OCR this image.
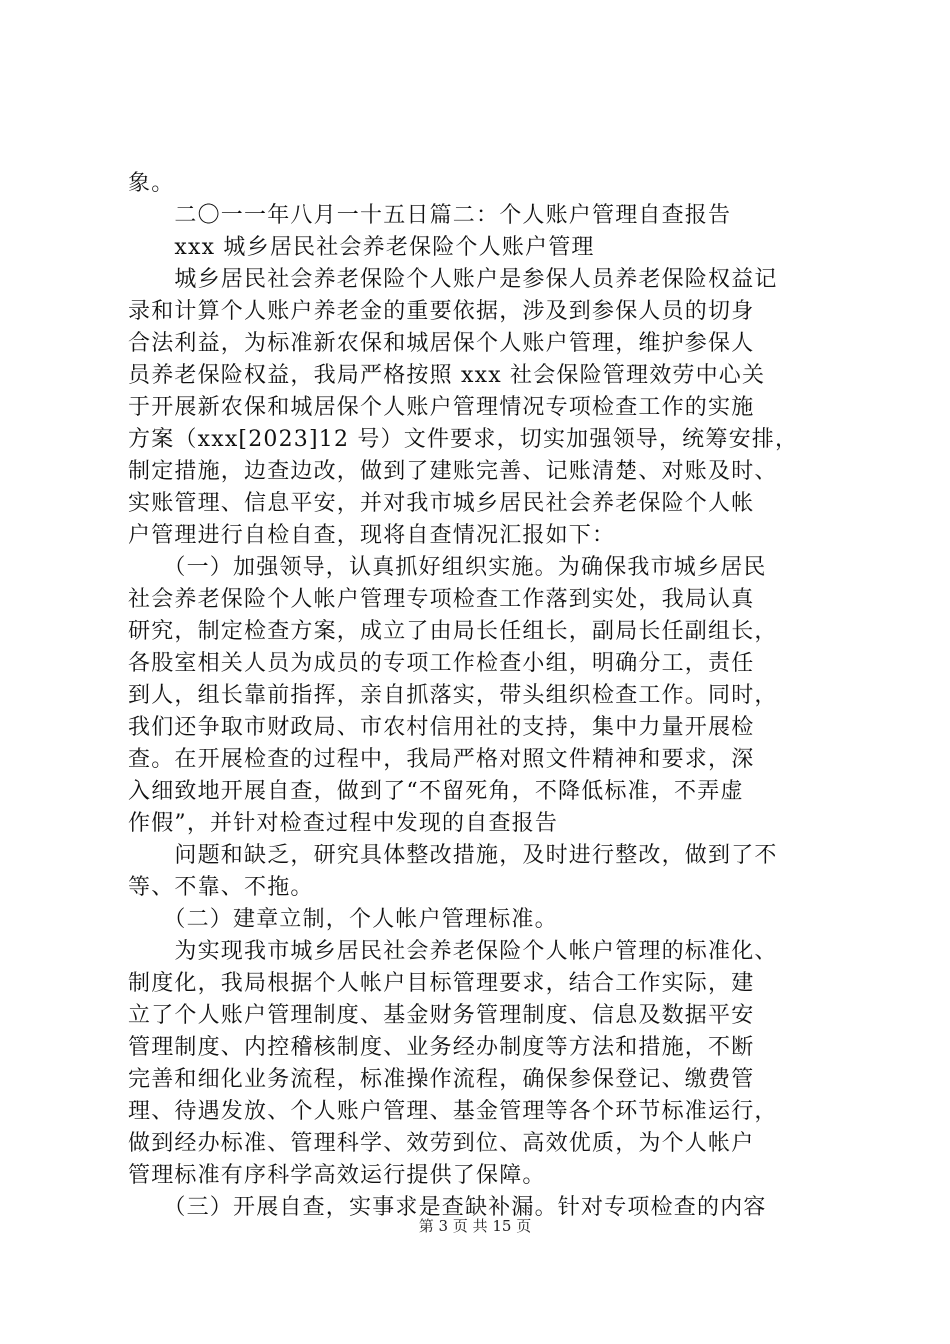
象。
　　二〇一一年八月一十五日篇二：个人账户管理自查报告
　　xxx 城乡居民社会养老保险个人账户管理
　　城乡居民社会养老保险个人账户是参保人员养老保险权益记
录和计算个人账户养老金的重要依据，涉及到参保人员的切身
合法利益，为标准新农保和城居保个人账户管理，维护参保人
员养老保险权益，我局严格按照 xxx 社会保险管理效劳中心关
于开展新农保和城居保个人账户管理情况专项检查工作的实施
方案（xxx[2023]12 号）文件要求，切实加强领导，统筹安排，
制定措施，边查边改，做到了建账完善、记账清楚、对账及时、
实账管理、信息平安，并对我市城乡居民社会养老保险个人帐
户管理进行自检自查，现将自查情况汇报如下：
　　（一）加强领导，认真抓好组织实施。为确保我市城乡居民
社会养老保险个人帐户管理专项检查工作落到实处，我局认真
研究，制定检查方案，成立了由局长任组长，副局长任副组长，
各股室相关人员为成员的专项工作检查小组，明确分工，责任
到人，组长靠前指挥，亲自抓落实，带头组织检查工作。同时，
我们还争取市财政局、市农村信用社的支持，集中力量开展检
查。在开展检查的过程中，我局严格对照文件精神和要求，深
入细致地开展自查，做到了“不留死角，不降低标准，不弄虚
作假”，并针对检查过程中发现的自查报告
　　问题和缺乏，研究具体整改措施，及时进行整改，做到了不
等、不靠、不拖。
　　（二）建章立制，个人帐户管理标准。
　　为实现我市城乡居民社会养老保险个人帐户管理的标准化、
制度化，我局根据个人帐户目标管理要求，结合工作实际，建
立了个人账户管理制度、基金财务管理制度、信息及数据平安
管理制度、内控稽核制度、业务经办制度等方法和措施，不断
完善和细化业务流程，标准操作流程，确保参保登记、缴费管
理、待遇发放、个人账户管理、基金管理等各个环节标准运行，
做到经办标准、管理科学、效劳到位、高效优质，为个人帐户
管理标准有序科学高效运行提供了保障。
　　（三）开展自查，实事求是查缺补漏。针对专项检查的内容
第 3 页 共 15 页
